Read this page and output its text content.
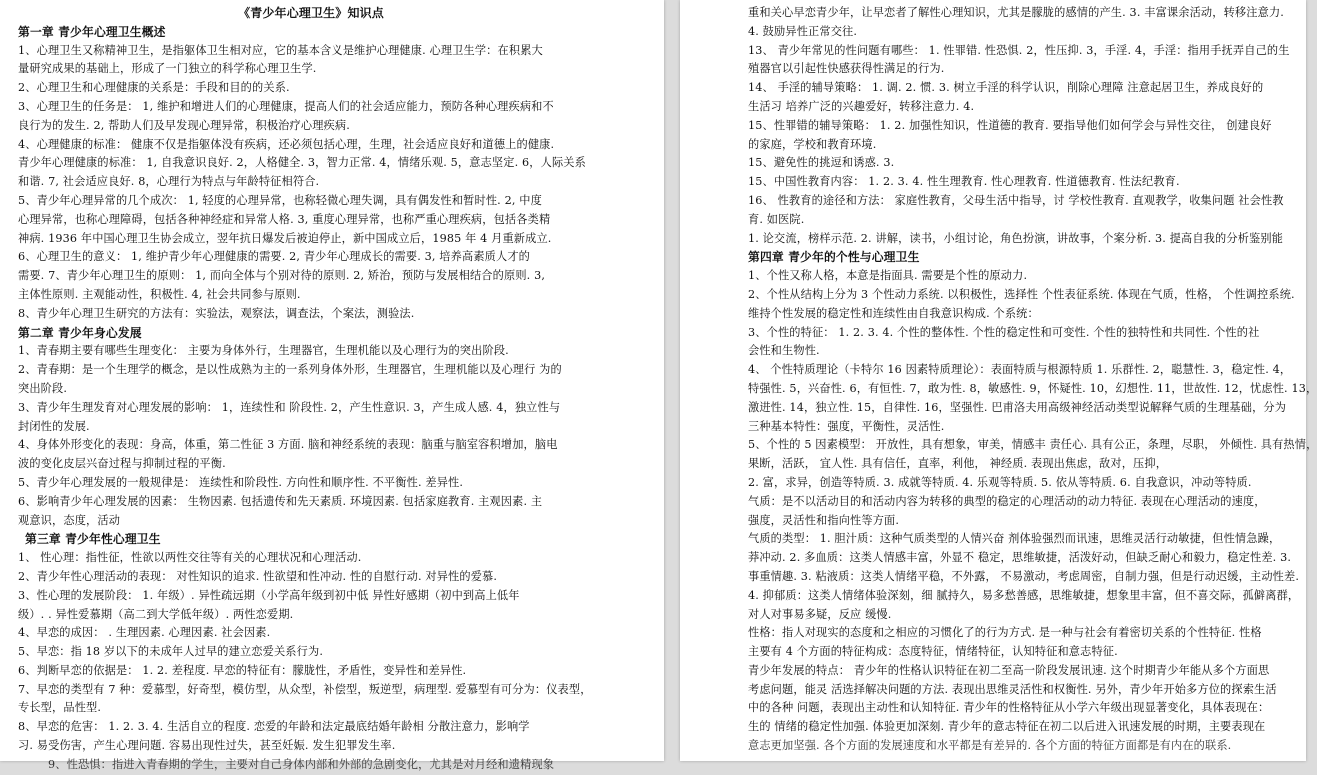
《青少年心理卫生》知识点
第一章 青少年心理卫生概述
1、心理卫生又称精神卫生，是指躯体卫生相对应，它的基本含义是维护心理健康. 心理卫生学：在积累大
量研究成果的基础上，形成了一门独立的科学称心理卫生学.
2、心理卫生和心理健康的关系是：手段和目的的关系.
3、心理卫生的任务是： 1, 维护和增进人们的心理健康，提高人们的社会适应能力，预防各种心理疾病和不
良行为的发生. 2, 帮助人们及早发现心理异常，积极治疗心理疾病.
4、心理健康的标准： 健康不仅是指躯体没有疾病，还必须包括心理，生理，社会适应良好和道德上的健康.
青少年心理健康的标准： 1, 自我意识良好. 2，人格健全. 3，智力正常. 4，情绪乐观. 5，意志坚定. 6，人际关系
和谐. 7, 社会适应良好. 8，心理行为特点与年龄特征相符合.
5、青少年心理异常的几个成次： 1, 轻度的心理异常，也称轻微心理失调，具有偶发性和暂时性. 2, 中度
心理异常，也称心理障碍，包括各种神经症和异常人格. 3, 重度心理异常，也称严重心理疾病，包括各类精
神病. 1936 年中国心理卫生协会成立，翌年抗日爆发后被迫停止，新中国成立后，1985 年 4 月重新成立.
6、心理卫生的意义： 1, 维护青少年心理健康的需要. 2, 青少年心理成长的需要. 3, 培养高素质人才的
需要. 7、青少年心理卫生的原则： 1, 而向全体与个别对待的原则. 2, 矫治，预防与发展相结合的原则. 3,
主体性原则. 主观能动性，积极性. 4, 社会共同参与原则.
8、青少年心理卫生研究的方法有：实验法，观察法，调查法，个案法，测验法.
第二章 青少年身心发展
1、青春期主要有哪些生理变化： 主要为身体外行，生理器官，生理机能以及心理行为的突出阶段.
2、青春期：是一个生理学的概念，是以性成熟为主的一系列身体外形，生理器官，生理机能以及心理行 为的
突出阶段.
3、青少年生理发育对心理发展的影响： 1，连续性和 阶段性. 2，产生性意识. 3，产生成人感. 4，独立性与
封闭性的发展.
4、身体外形变化的表现：身高，体重，第二性征 3 方面. 脑和神经系统的表现：脑重与脑室容积增加，脑电
波的变化皮层兴奋过程与抑制过程的平衡.
5、青少年心理发展的一般规律是： 连续性和阶段性. 方向性和顺序性. 不平衡性. 差异性.
6、影响青少年心理发展的因素： 生物因素. 包括遗传和先天素质. 环境因素. 包括家庭教育. 主观因素. 主
观意识，态度，活动
第三章 青少年性心理卫生
1、 性心理：指性征，性欲以两性交往等有关的心理状况和心理活动.
2、青少年性心理活动的表现： 对性知识的追求. 性欲望和性冲动. 性的自慰行动. 对异性的爱慕.
3、性心理的发展阶段： 1. 年级）. 异性疏远期（小学高年级到初中低 异性好感期（初中到高上低年
级）. . 异性爱慕期（高二到大学低年级）. 两性恋爱期.
4、早恋的成因： . 生理因素. 心理因素. 社会因素.
5、早恋：指 18 岁以下的未成年人过早的建立恋爱关系行为.
6、判断早恋的依据是： 1. 2. 差程度. 早恋的特征有：朦胧性，矛盾性，变异性和差异性.
7、早恋的类型有 7 种：爱慕型，好奇型，模仿型，从众型，补偿型，叛逆型，病理型. 爱慕型有可分为：仪表型，
专长型，品性型.
8、早恋的危害： 1. 2. 3. 4. 生活自立的程度. 恋爱的年龄和法定最底结婚年龄相 分散注意力，影响学
习. 易受伤害，产生心理问题. 容易出现性过失，甚至妊娠. 发生犯罪发生率.
9、性恐惧：指进入青春期的学生，主要对自己身体内部和外部的急剧变化，尤其是对月经和遗精现象
重和关心早恋青少年，让早恋者了解性心理知识，尤其是朦胧的感情的产生. 3. 丰富课余活动，转移注意力.
4. 鼓励异性正常交往.
13、 青少年常见的性问题有哪些： 1. 性罪错. 性恐惧. 2，性压抑. 3，手淫. 4，手淫：指用手抚弄自己的生
殖器官以引起性快感获得性满足的行为.
14、 手淫的辅导策略： 1. 调. 2. 惯. 3. 树立手淫的科学认识，削除心理障 注意起居卫生，养成良好的
生活习 培养广泛的兴趣爱好，转移注意力. 4.
15、性罪错的辅导策略： 1. 2. 加强性知识，性道德的教育. 要指导他们如何学会与异性交往， 创建良好
的家庭，学校和教育环境.
15、避免性的挑逗和诱惑. 3.
15、中国性教育内容： 1. 2. 3. 4. 性生理教育. 性心理教育. 性道德教育. 性法纪教育.
16、 性教育的途径和方法： 家庭性教育，父母生活中指导，讨 学校性教育. 直观教学，收集问题 社会性教
育. 如医院.
1. 论交流，榜样示范. 2. 讲解，读书，小组讨论，角色扮演，讲故事，个案分析. 3. 提高自我的分析鉴别能
第四章 青少年的个性与心理卫生
1、个性又称人格，本意是指面具. 需要是个性的原动力.
2、个性从结构上分为 3 个性动力系统. 以积极性，选择性 个性表征系统. 体现在气质，性格， 个性调控系统.
维持个性发展的稳定性和连续性由自我意识构成. 个系统：
3、个性的特征： 1. 2. 3. 4. 个性的整体性. 个性的稳定性和可变性. 个性的独特性和共同性. 个性的社
会性和生物性.
4、 个性特质理论（卡特尔 16 因素特质理论）：表面特质与根源特质 1. 乐群性. 2，聪慧性. 3，稳定性. 4，
特强性. 5，兴奋性. 6，有恒性. 7，敢为性. 8，敏感性. 9，怀疑性. 10，幻想性. 11，世故性. 12，忧虑性. 13，
激进性. 14，独立性. 15，自律性. 16，坚强性. 巴甫洛夫用高级神经活动类型说解释气质的生理基础，分为
三种基本特性：强度，平衡性，灵活性.
5、个性的 5 因素模型： 开放性，具有想象，审美，情感丰 责任心. 具有公正，条理，尽职， 外倾性. 具有热情，
果断，活跃， 宜人性. 具有信任，直率，利他， 神经质. 表现出焦虑，敌对，压抑，
2. 富，求异，创造等特质. 3. 成就等特质. 4. 乐观等特质. 5. 依从等特质. 6. 自我意识，冲动等特质.
气质：是不以活动目的和活动内容为转移的典型的稳定的心理活动的动力特征. 表现在心理活动的速度，
强度，灵活性和指向性等方面.
气质的类型： 1. 胆汁质：这种气质类型的人情兴奋 剂体验强烈而讯速，思维灵活行动敏捷，但性情急躁，
莽冲动. 2. 多血质：这类人情感丰富，外显不 稳定，思维敏捷，活泼好动，但缺乏耐心和毅力，稳定性差. 3.
事重情趣. 3. 粘液质：这类人情绪平稳，不外露， 不易激动，考虑周密，自制力强，但是行动迟缓，主动性差.
4. 抑郁质：这类人情绪体验深刻，细 腻持久，易多愁善感，思维敏捷，想象里丰富，但不喜交际，孤僻离群，
对人对事易多疑，反应 缓慢.
性格：指人对现实的态度和之相应的习惯化了的行为方式. 是一种与社会有着密切关系的个性特征. 性格
主要有 4 个方面的特征构成：态度特征，情绪特征，认知特征和意志特征.
青少年发展的特点： 青少年的性格认识特征在初二至高一阶段发展讯速. 这个时期青少年能从多个方面思
考虑问题，能灵 活选择解决问题的方法. 表现出思维灵活性和权衡性. 另外，青少年开始多方位的探索生活
中的各种 问题，表现出主动性和认知特征. 青少年的性格特征从小学六年级出现显著变化，具体表现在：
生的 情绪的稳定性加强. 体验更加深刻. 青少年的意志特征在初二以后进入讯速发展的时期，主要表现在
意志更加坚强. 各个方面的发展速度和水平都是有差异的. 各个方面的特征方面都是有内在的联系.
